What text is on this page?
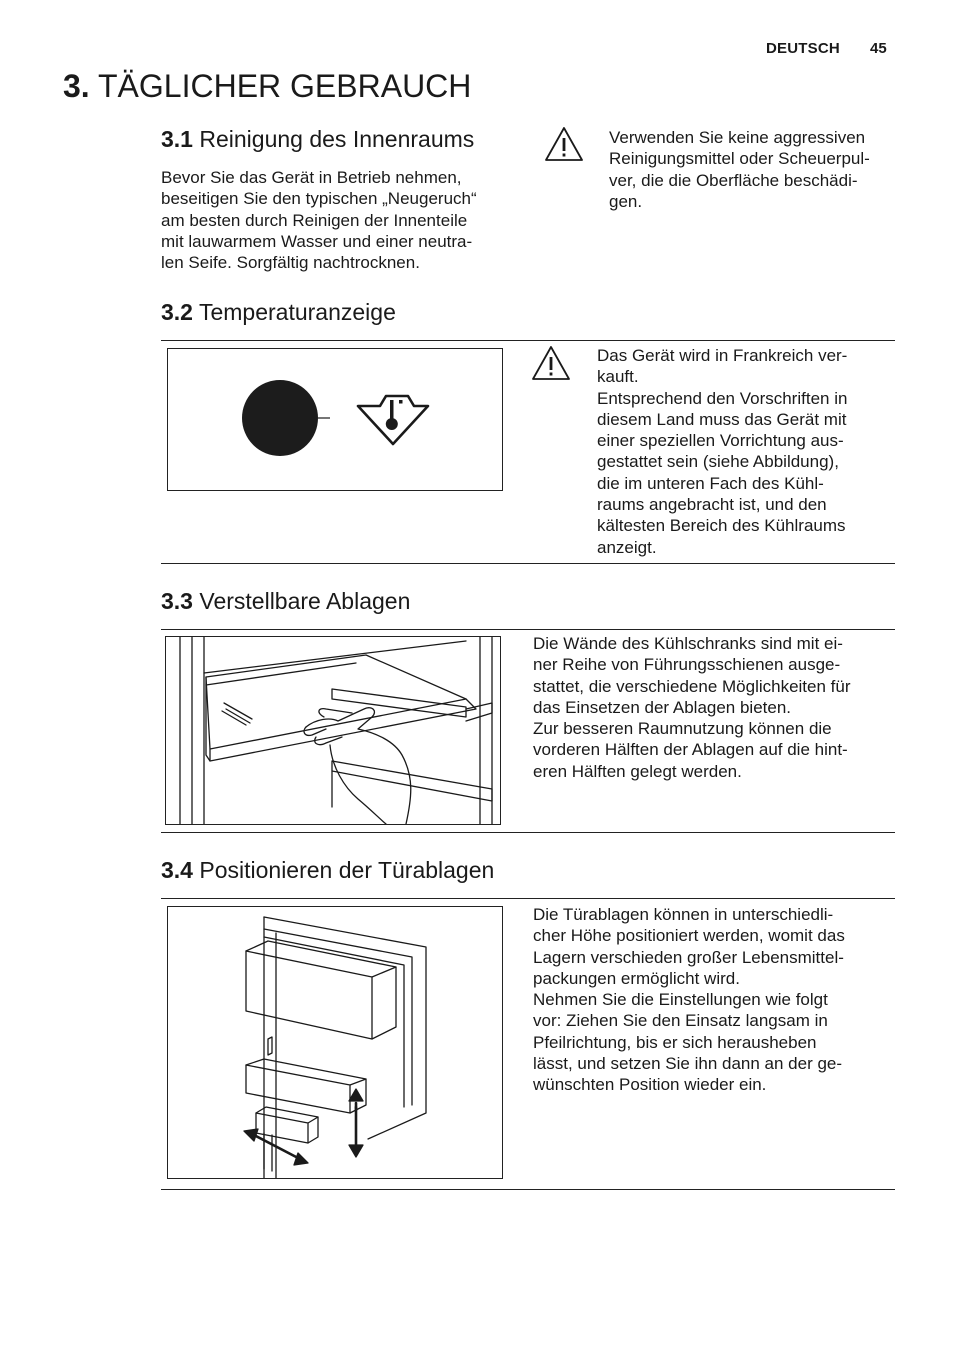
DEUTSCH 45
3. TÄGLICHER GEBRAUCH
3.1 Reinigung des Innenraums
Bevor Sie das Gerät in Betrieb nehmen,
beseitigen Sie den typischen „Neugeruch“
am besten durch Reinigen der Innenteile
mit lauwarmem Wasser und einer neutra-
len Seife. Sorgfältig nachtrocknen.
Verwenden Sie keine aggressiven
Reinigungsmittel oder Scheuerpul-
ver, die die Oberfläche beschädi-
gen.
3.2 Temperaturanzeige
Das Gerät wird in Frankreich ver-
kauft.
Entsprechend den Vorschriften in
diesem Land muss das Gerät mit
einer speziellen Vorrichtung aus-
gestattet sein (siehe Abbildung),
die im unteren Fach des Kühl-
raums angebracht ist, und den
kältesten Bereich des Kühlraums
anzeigt.
3.3 Verstellbare Ablagen
Die Wände des Kühlschranks sind mit ei-
ner Reihe von Führungsschienen ausge-
stattet, die verschiedene Möglichkeiten für
das Einsetzen der Ablagen bieten.
Zur besseren Raumnutzung können die
vorderen Hälften der Ablagen auf die hint-
eren Hälften gelegt werden.
3.4 Positionieren der Türablagen
Die Türablagen können in unterschiedli-
cher Höhe positioniert werden, womit das
Lagern verschieden großer Lebensmittel-
packungen ermöglicht wird.
Nehmen Sie die Einstellungen wie folgt
vor: Ziehen Sie den Einsatz langsam in
Pfeilrichtung, bis er sich herausheben
lässt, und setzen Sie ihn dann an der ge-
wünschten Position wieder ein.
